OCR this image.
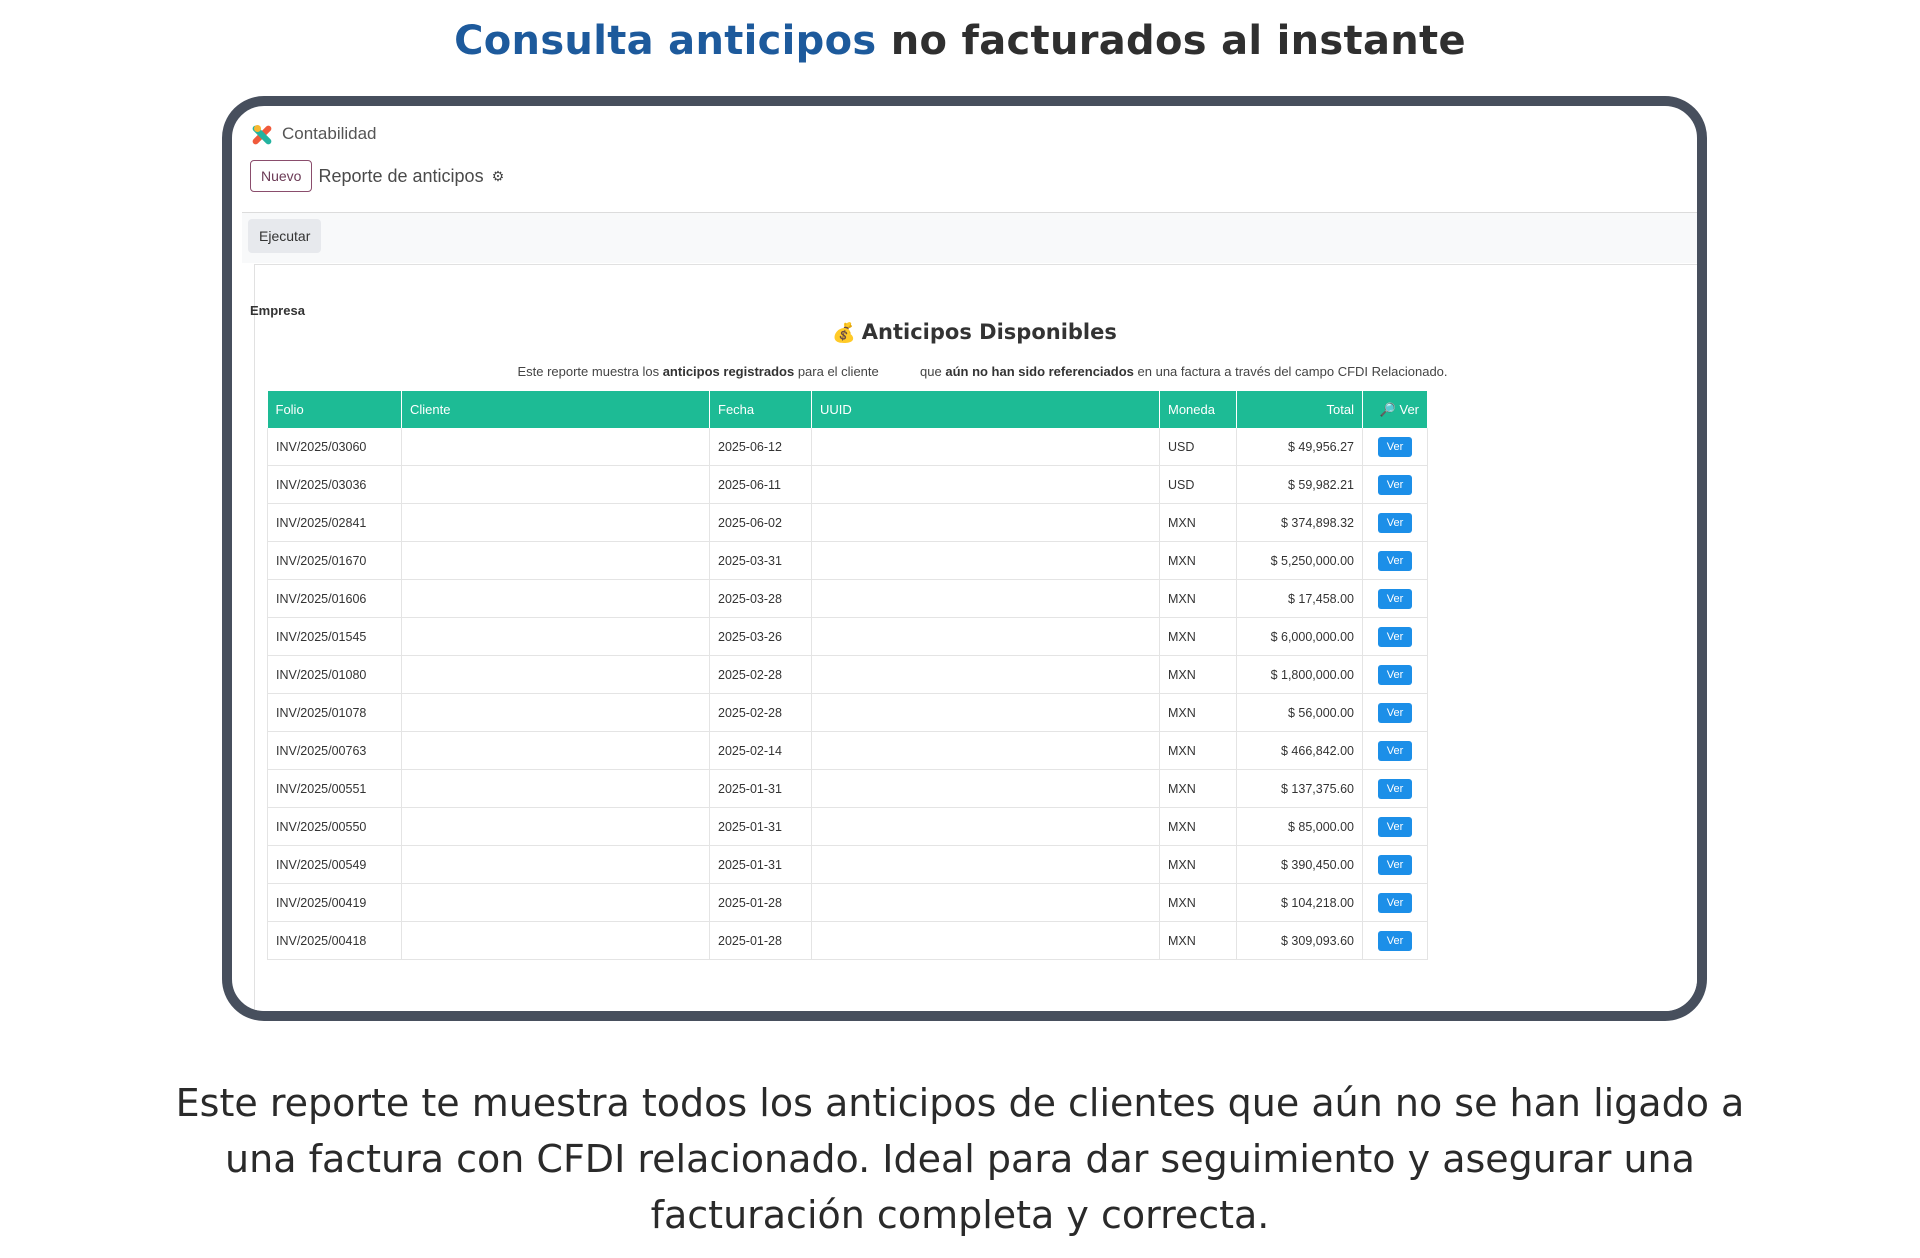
Consulta anticipos no facturados al instante
Contabilidad
Nuevo Reporte de anticipos ⚙
Ejecutar
Empresa
💰 Anticipos Disponibles
Este reporte muestra los anticipos registrados para el cliente	que aún no han sido referenciados en una factura a través del campo CFDI Relacionado.
Folio	Cliente	Fecha	UUID	Moneda	Total	🔎 Ver
INV/2025/03060		2025-06-12		USD	$ 49,956.27	Ver
INV/2025/03036		2025-06-11		USD	$ 59,982.21	Ver
INV/2025/02841		2025-06-02		MXN	$ 374,898.32	Ver
INV/2025/01670		2025-03-31		MXN	$ 5,250,000.00	Ver
INV/2025/01606		2025-03-28		MXN	$ 17,458.00	Ver
INV/2025/01545		2025-03-26		MXN	$ 6,000,000.00	Ver
INV/2025/01080		2025-02-28		MXN	$ 1,800,000.00	Ver
INV/2025/01078		2025-02-28		MXN	$ 56,000.00	Ver
INV/2025/00763		2025-02-14		MXN	$ 466,842.00	Ver
INV/2025/00551		2025-01-31		MXN	$ 137,375.60	Ver
INV/2025/00550		2025-01-31		MXN	$ 85,000.00	Ver
INV/2025/00549		2025-01-31		MXN	$ 390,450.00	Ver
INV/2025/00419		2025-01-28		MXN	$ 104,218.00	Ver
INV/2025/00418		2025-01-28		MXN	$ 309,093.60	Ver
Este reporte te muestra todos los anticipos de clientes que aún no se han ligado a
una factura con CFDI relacionado. Ideal para dar seguimiento y asegurar una
facturación completa y correcta.
